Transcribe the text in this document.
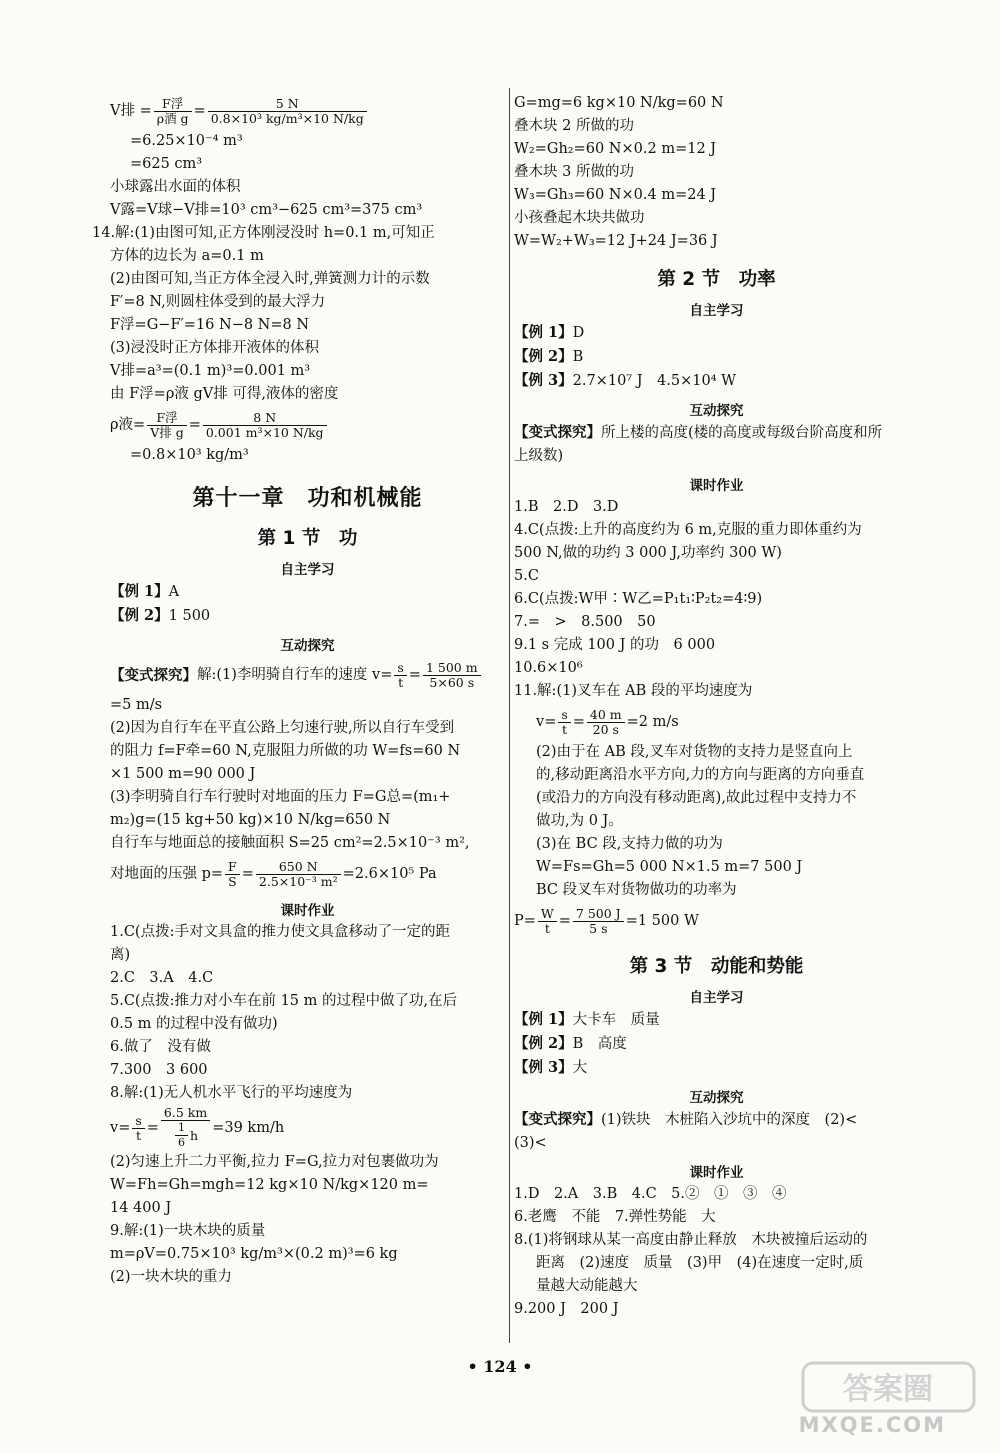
V排 = $\frac{\text{F浮}}{\text{ρ酒 g}} = \frac{5 N}{\text{0.8×10³ kg/m³×10 N/kg}}$
=6.25×10⁻⁴ m³
=625 cm³
小球露出水面的体积
V露=V球−V排=10³ cm³−625 cm³=375 cm³
14.解:(1)由图可知,正方体刚浸没时 h=0.1 m,可知正
方体的边长为 a=0.1 m
(2)由图可知,当正方体全浸入时,弹簧测力计的示数
F′=8 N,则圆柱体受到的最大浮力
F浮=G−F′=16 N−8 N=8 N
(3)浸没时正方体排开液体的体积
V排=a³=(0.1 m)³=0.001 m³
由 F浮=ρ液 gV排 可得,液体的密度
ρ液= $\frac{\text{F浮}}{\text{V排 g}} = \frac{8 N}{\text{0.001 m³×10 N/kg}}$
=0.8×10³ kg/m³
第十一章　功和机械能
第 1 节　功
自主学习
【例 1】A
【例 2】1 500
互动探究
【变式探究】 解:(1)李明骑自行车的速度 $v= \frac{s}{t} = \frac{1 500 m}{5\times 60 s}$
=5 m/s
(2)因为自行车在平直公路上匀速行驶,所以自行车受到
的阻力 f=F牵=60 N,克服阻力所做的功 W=fs=60 N
×1 500 m=90 000 J
(3)李明骑自行车行驶时对地面的压力 F=G总=(m₁+
m₂)g=(15 kg+50 kg)×10 N/kg=650 N
自行车与地面总的接触面积 S=25 cm²=2.5×10⁻³ m²,
对地面的压强 $p= \frac{F}{S} = \frac{650 N}{\text{2.5×10⁻³ m²}} =2.6\times 10^5$ Pa
课时作业
1.C(点拨:手对文具盒的推力使文具盒移动了一定的距
离)
2.C　3.A　4.C
5.C(点拨:推力对小车在前 15 m 的过程中做了功,在后
0.5 m 的过程中没有做功)
6.做了　没有做
7.300　3 600
8.解:(1)无人机水平飞行的平均速度为
$v= \frac{s}{t} = \frac{6.5 km}{\frac{1}{6} h} =39$ km/h
(2)匀速上升二力平衡,拉力 F=G,拉力对包裹做功为
W=Fh=Gh=mgh=12 kg×10 N/kg×120 m=
14 400 J
9.解:(1)一块木块的质量
m=ρV=0.75×10³ kg/m³×(0.2 m)³=6 kg
(2)一块木块的重力
G=mg=6 kg×10 N/kg=60 N
叠木块 2 所做的功
W₂=Gh₂=60 N×0.2 m=12 J
叠木块 3 所做的功
W₃=Gh₃=60 N×0.4 m=24 J
小孩叠起木块共做功
W=W₂+W₃=12 J+24 J=36 J
第 2 节　功率
自主学习
【例 1】D
【例 2】B
【例 3】2.7×10⁷ J　4.5×10⁴ W
互动探究
【变式探究】所上楼的高度(楼的高度或每级台阶高度和所
上级数)
课时作业
1.B　2.D　3.D
4.C(点拨:上升的高度约为 6 m,克服的重力即体重约为
500 N,做的功约 3 000 J,功率约 300 W)
5.C
6.C(点拨:W甲∶W乙=P₁t₁∶P₂t₂=4∶9)
7.=　>　8.500　50
9.1 s 完成 100 J 的功　6 000
10.6×10⁶
11.解:(1)叉车在 AB 段的平均速度为
$v= \frac{s}{t} = \frac{40 m}{20 s} =2$ m/s
(2)由于在 AB 段,叉车对货物的支持力是竖直向上
的,移动距离沿水平方向,力的方向与距离的方向垂直
(或沿力的方向没有移动距离),故此过程中支持力不
做功,为 0 J。
(3)在 BC 段,支持力做的功为
W=Fs=Gh=5 000 N×1.5 m=7 500 J
BC 段叉车对货物做功的功率为
$P= \frac{W}{t} = \frac{7 500 J}{5 s} =1$ 500 W
第 3 节　动能和势能
自主学习
【例 1】大卡车　质量
【例 2】B　高度
【例 3】大
互动探究
【变式探究】(1)铁块　木桩陷入沙坑中的深度　(2)<
(3)<
课时作业
1.D　2.A　3.B　4.C　5.②　①　③　④
6.老鹰　不能　7.弹性势能　大
8.(1)将钢球从某一高度由静止释放　木块被撞后运动的
距离　(2)速度　质量　(3)甲　(4)在速度一定时,质
量越大动能越大
9.200 J　200 J
• 124 •
答案圈
MXQE.COM
